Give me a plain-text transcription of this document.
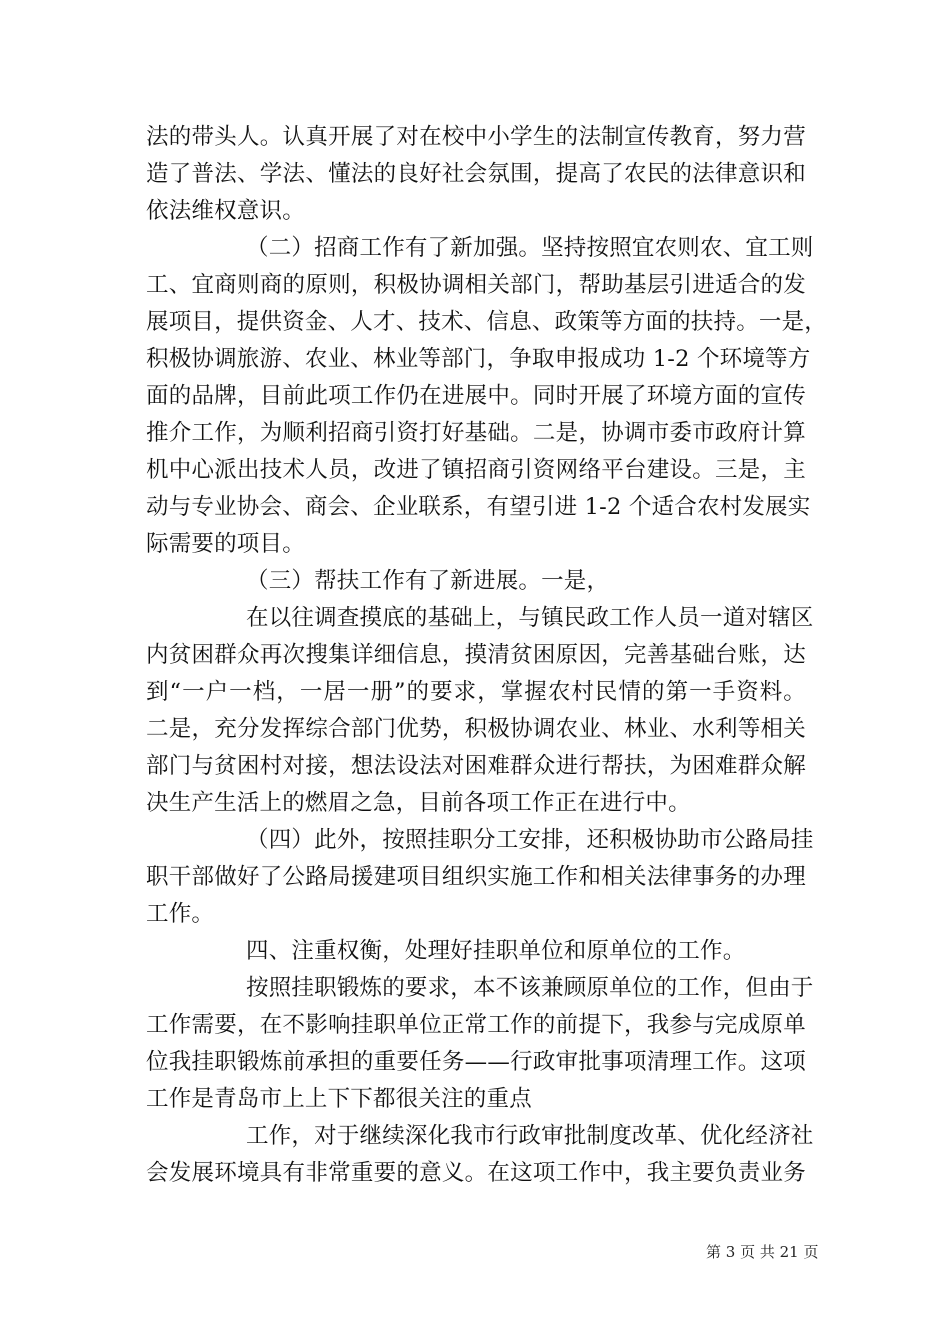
法的带头人。认真开展了对在校中小学生的法制宣传教育，努力营
造了普法、学法、懂法的良好社会氛围，提高了农民的法律意识和
依法维权意识。
（二）招商工作有了新加强。坚持按照宜农则农、宜工则
工、宜商则商的原则，积极协调相关部门，帮助基层引进适合的发
展项目，提供资金、人才、技术、信息、政策等方面的扶持。一是，
积极协调旅游、农业、林业等部门，争取申报成功 1-2 个环境等方
面的品牌，目前此项工作仍在进展中。同时开展了环境方面的宣传
推介工作，为顺利招商引资打好基础。二是，协调市委市政府计算
机中心派出技术人员，改进了镇招商引资网络平台建设。三是，主
动与专业协会、商会、企业联系，有望引进 1-2 个适合农村发展实
际需要的项目。
（三）帮扶工作有了新进展。一是，
在以往调查摸底的基础上，与镇民政工作人员一道对辖区
内贫困群众再次搜集详细信息，摸清贫困原因，完善基础台账，达
到“一户一档，一居一册”的要求，掌握农村民情的第一手资料。
二是，充分发挥综合部门优势，积极协调农业、林业、水利等相关
部门与贫困村对接，想法设法对困难群众进行帮扶，为困难群众解
决生产生活上的燃眉之急，目前各项工作正在进行中。
（四）此外，按照挂职分工安排，还积极协助市公路局挂
职干部做好了公路局援建项目组织实施工作和相关法律事务的办理
工作。
四、注重权衡，处理好挂职单位和原单位的工作。
按照挂职锻炼的要求，本不该兼顾原单位的工作，但由于
工作需要，在不影响挂职单位正常工作的前提下，我参与完成原单
位我挂职锻炼前承担的重要任务——行政审批事项清理工作。这项
工作是青岛市上上下下都很关注的重点
工作，对于继续深化我市行政审批制度改革、优化经济社
会发展环境具有非常重要的意义。在这项工作中，我主要负责业务
第 3 页 共 21 页
